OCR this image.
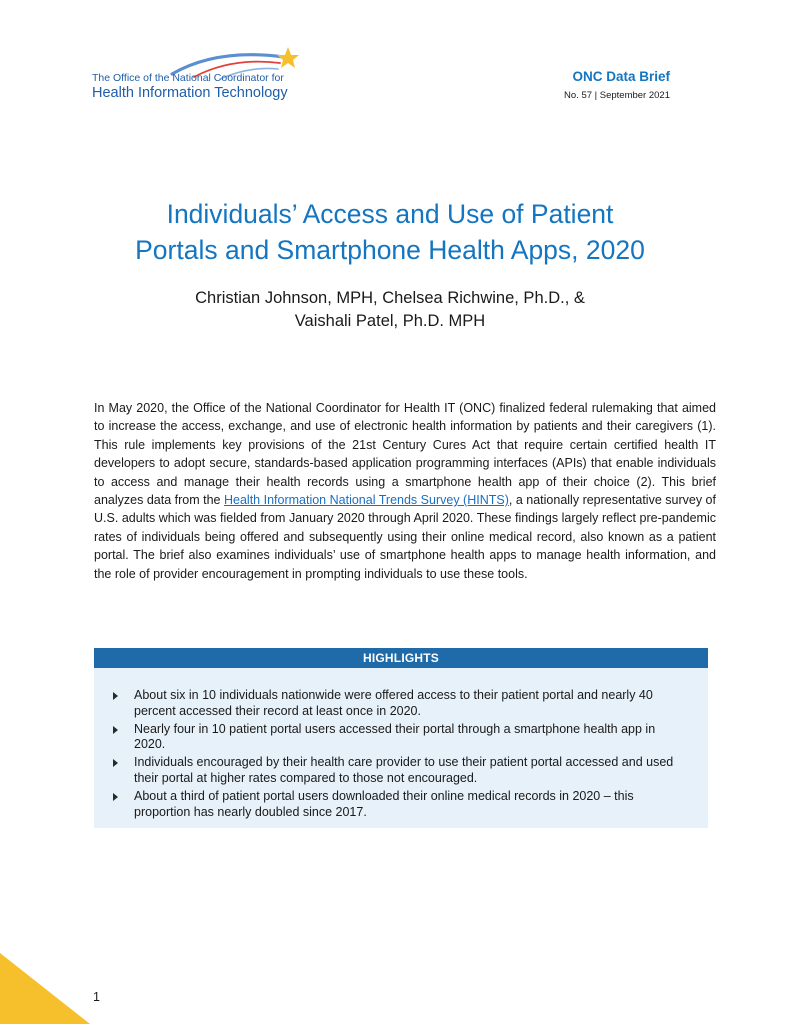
The Office of the National Coordinator for
Health Information Technology
ONC Data Brief
No. 57 | September 2021
Individuals’ Access and Use of Patient
Portals and Smartphone Health Apps, 2020
Christian Johnson, MPH, Chelsea Richwine, Ph.D., &
Vaishali Patel, Ph.D. MPH

In May 2020, the Office of the National Coordinator for Health IT (ONC) finalized federal rulemaking that aimed to increase the access, exchange, and use of electronic health information by patients and their caregivers (1). This rule implements key provisions of the 21st Century Cures Act that require certain certified health IT developers to adopt secure, standards-based application programming interfaces (APIs) that enable individuals to access and manage their health records using a smartphone health app of their choice (2). This brief analyzes data from the Health Information National Trends Survey (HINTS), a nationally representative survey of U.S. adults which was fielded from January 2020 through April 2020. These findings largely reflect pre-pandemic rates of individuals being offered and subsequently using their online medical record, also known as a patient portal. The brief also examines individuals’ use of smartphone health apps to manage health information, and the role of provider encouragement in prompting individuals to use these tools.

HIGHLIGHTS
About six in 10 individuals nationwide were offered access to their patient portal and nearly 40 percent accessed their record at least once in 2020.
Nearly four in 10 patient portal users accessed their portal through a smartphone health app in 2020.
Individuals encouraged by their health care provider to use their patient portal accessed and used their portal at higher rates compared to those not encouraged.
About a third of patient portal users downloaded their online medical records in 2020 – this proportion has nearly doubled since 2017.
1
